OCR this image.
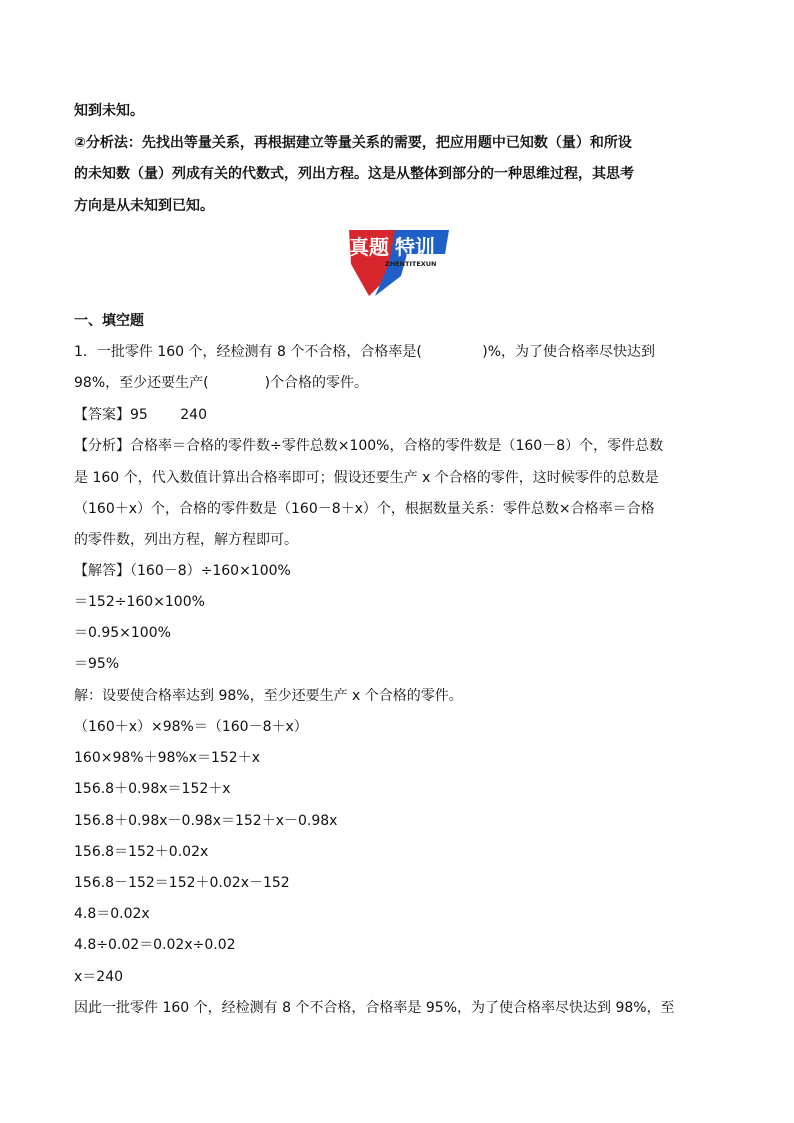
知到未知。
②分析法：先找出等量关系，再根据建立等量关系的需要，把应用题中已知数（量）和所设
的未知数（量）列成有关的代数式，列出方程。这是从整体到部分的一种思维过程，其思考
方向是从未知到已知。
真题 特训
ZHENTITEXUN
一、填空题
1．一批零件 160 个，经检测有 8 个不合格，合格率是(　　　　 )%，为了使合格率尽快达到
98%，至少还要生产(　　　　)个合格的零件。
【答案】95　　 240
【分析】合格率＝合格的零件数÷零件总数×100%，合格的零件数是（160－8）个，零件总数
是 160 个，代入数值计算出合格率即可；假设还要生产 x 个合格的零件，这时候零件的总数是
（160＋x）个，合格的零件数是（160－8＋x）个，根据数量关系：零件总数×合格率＝合格
的零件数，列出方程，解方程即可。
【解答】（160－8）÷160×100%
＝152÷160×100%
＝0.95×100%
＝95%
解：设要使合格率达到 98%，至少还要生产 x 个合格的零件。
（160＋x）×98%＝（160－8＋x）
160×98%＋98%x＝152＋x
156.8＋0.98x＝152＋x
156.8＋0.98x－0.98x＝152＋x－0.98x
156.8＝152＋0.02x
156.8－152＝152＋0.02x－152
4.8＝0.02x
4.8÷0.02＝0.02x÷0.02
x＝240
因此一批零件 160 个，经检测有 8 个不合格，合格率是 95%，为了使合格率尽快达到 98%，至
